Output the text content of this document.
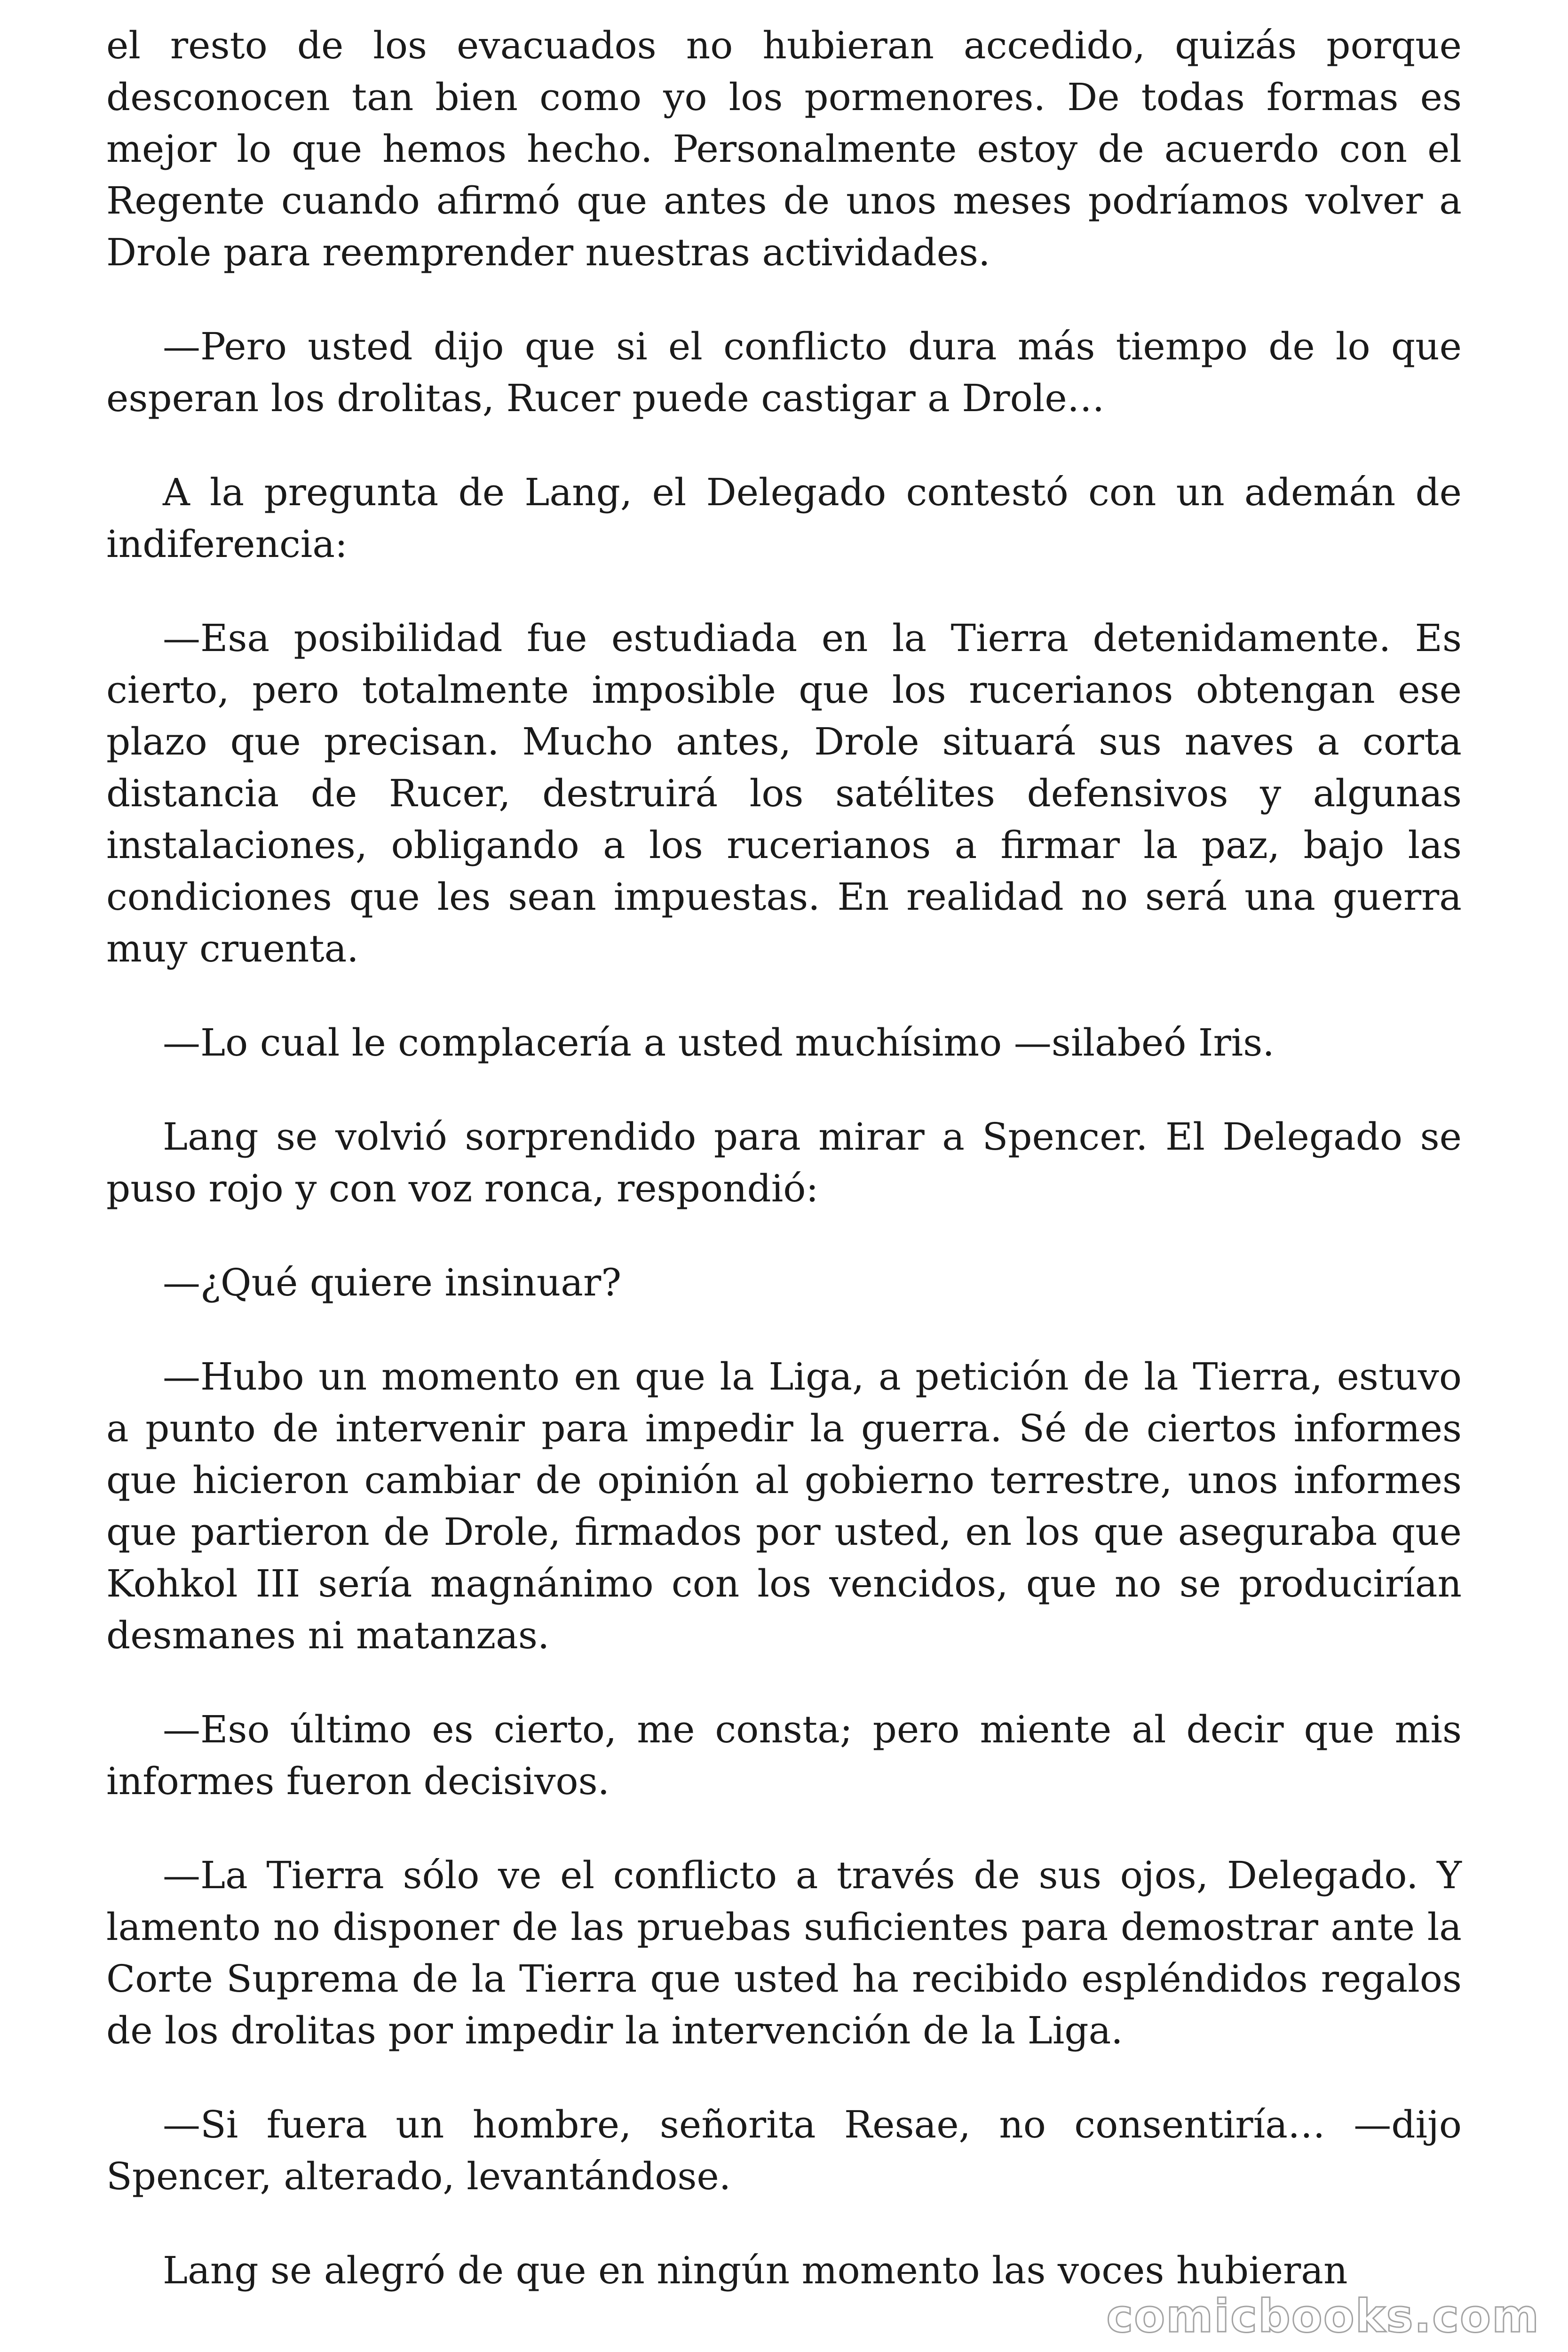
el resto de los evacuados no hubieran accedido, quizás porque desconocen tan bien como yo los pormenores. De todas formas es mejor lo que hemos hecho. Personalmente estoy de acuerdo con el Regente cuando afirmó que antes de unos meses podríamos volver a Drole para reemprender nuestras actividades.

—Pero usted dijo que si el conflicto dura más tiempo de lo que esperan los drolitas, Rucer puede castigar a Drole…

A la pregunta de Lang, el Delegado contestó con un ademán de indiferencia:

—Esa posibilidad fue estudiada en la Tierra detenidamente. Es cierto, pero totalmente imposible que los rucerianos obtengan ese plazo que precisan. Mucho antes, Drole situará sus naves a corta distancia de Rucer, destruirá los satélites defensivos y algunas instalaciones, obligando a los rucerianos a firmar la paz, bajo las condiciones que les sean impuestas. En realidad no será una guerra muy cruenta.

—Lo cual le complacería a usted muchísimo —silabeó Iris.

Lang se volvió sorprendido para mirar a Spencer. El Delegado se puso rojo y con voz ronca, respondió:

—¿Qué quiere insinuar?

—Hubo un momento en que la Liga, a petición de la Tierra, estuvo a punto de intervenir para impedir la guerra. Sé de ciertos informes que hicieron cambiar de opinión al gobierno terrestre, unos informes que partieron de Drole, firmados por usted, en los que aseguraba que Kohkol III sería magnánimo con los vencidos, que no se producirían desmanes ni matanzas.

—Eso último es cierto, me consta; pero miente al decir que mis informes fueron decisivos.

—La Tierra sólo ve el conflicto a través de sus ojos, Delegado. Y lamento no disponer de las pruebas suficientes para demostrar ante la Corte Suprema de la Tierra que usted ha recibido espléndidos regalos de los drolitas por impedir la intervención de la Liga.

—Si fuera un hombre, señorita Resae, no consentiría… —dijo Spencer, alterado, levantándose.

Lang se alegró de que en ningún momento las voces hubieran

comicbooks.com
